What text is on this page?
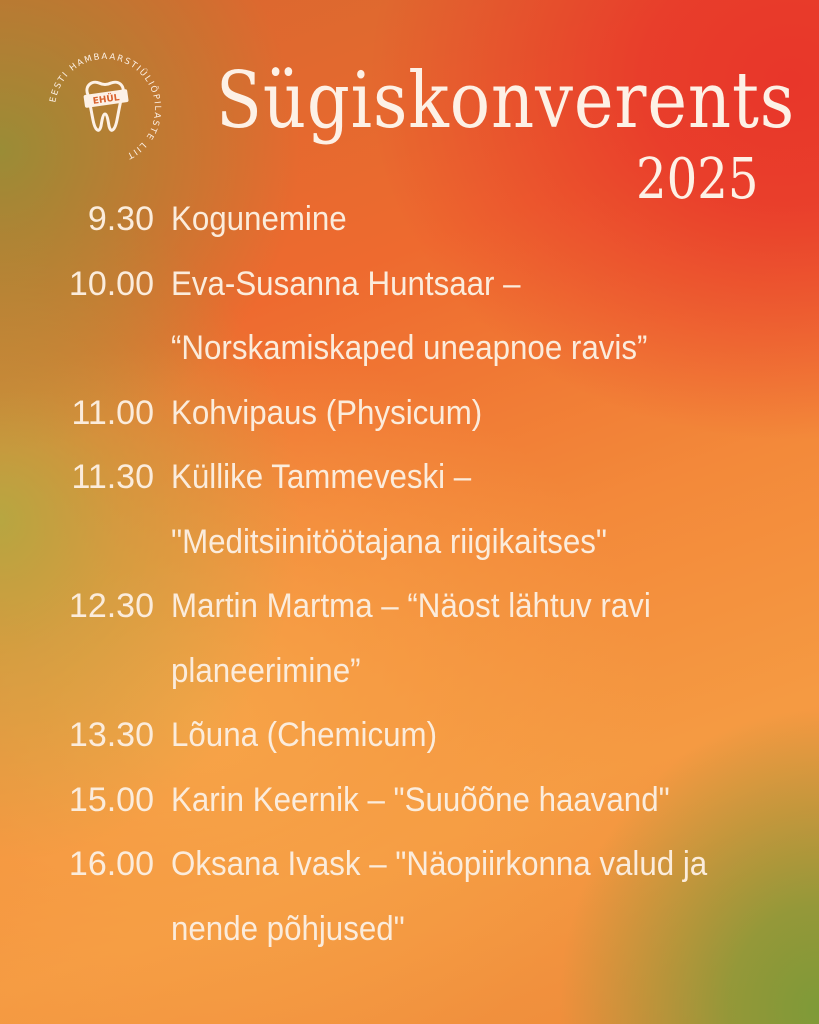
EESTI HAMBAARSTIÜLIÕPILASTE LIIT
EHÜL Sügiskonverents
2025
9.30 Kogunemine
10.00 Eva-Susanna Huntsaar –
“Norskamiskaped uneapnoe ravis”
11.00 Kohvipaus (Physicum)
11.30 Küllike Tammeveski –
"Meditsiinitöötajana riigikaitses"
12.30 Martin Martma – “Näost lähtuv ravi
planeerimine”
13.30 Lõuna (Chemicum)
15.00 Karin Keernik – "Suuõõne haavand"
16.00 Oksana Ivask – "Näopiirkonna valud ja
nende põhjused"
